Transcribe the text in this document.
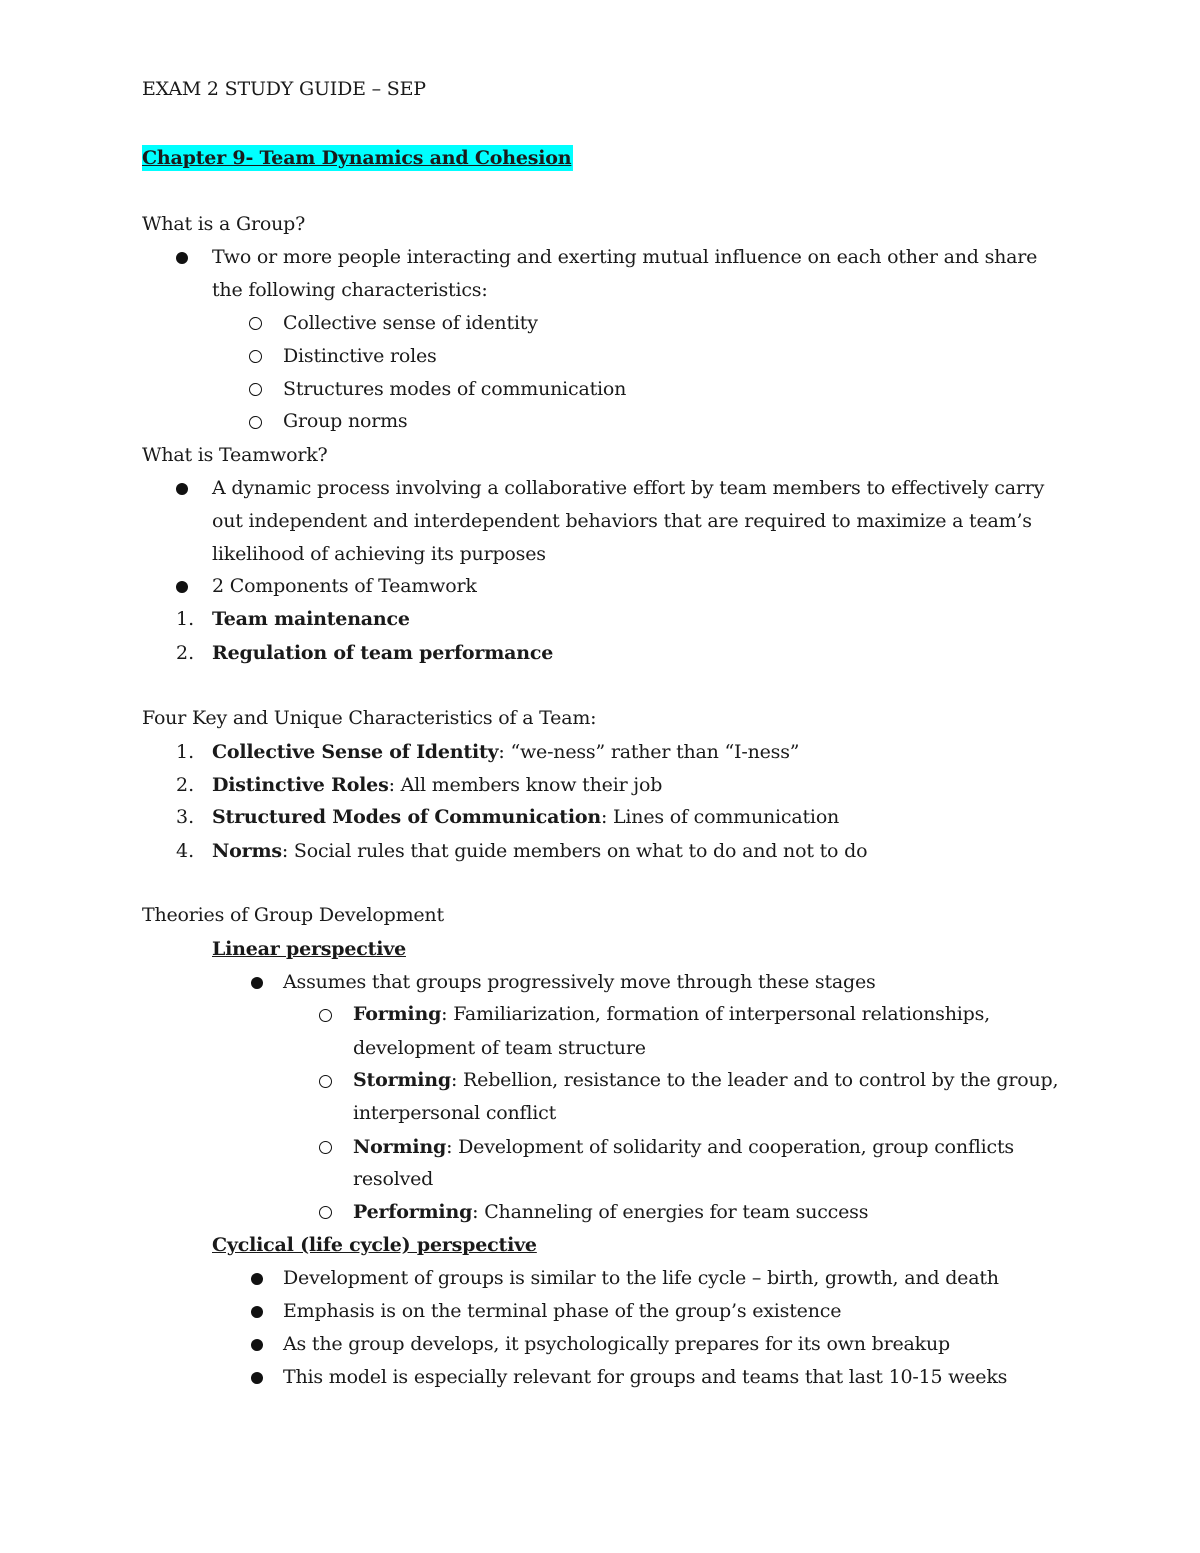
EXAM 2 STUDY GUIDE – SEP
Chapter 9- Team Dynamics and Cohesion
What is a Group?
Two or more people interacting and exerting mutual influence on each other and share
the following characteristics:
Collective sense of identity
Distinctive roles
Structures modes of communication
Group norms
What is Teamwork?
A dynamic process involving a collaborative effort by team members to effectively carry
out independent and interdependent behaviors that are required to maximize a team’s
likelihood of achieving its purposes
2 Components of Teamwork
1. Team maintenance
2. Regulation of team performance
Four Key and Unique Characteristics of a Team:
1. Collective Sense of Identity: “we-ness” rather than “I-ness”
2. Distinctive Roles: All members know their job
3. Structured Modes of Communication: Lines of communication
4. Norms: Social rules that guide members on what to do and not to do
Theories of Group Development
Linear perspective
Assumes that groups progressively move through these stages
Forming: Familiarization, formation of interpersonal relationships,
development of team structure
Storming: Rebellion, resistance to the leader and to control by the group,
interpersonal conflict
Norming: Development of solidarity and cooperation, group conflicts
resolved
Performing: Channeling of energies for team success
Cyclical (life cycle) perspective
Development of groups is similar to the life cycle – birth, growth, and death
Emphasis is on the terminal phase of the group’s existence
As the group develops, it psychologically prepares for its own breakup
This model is especially relevant for groups and teams that last 10-15 weeks
